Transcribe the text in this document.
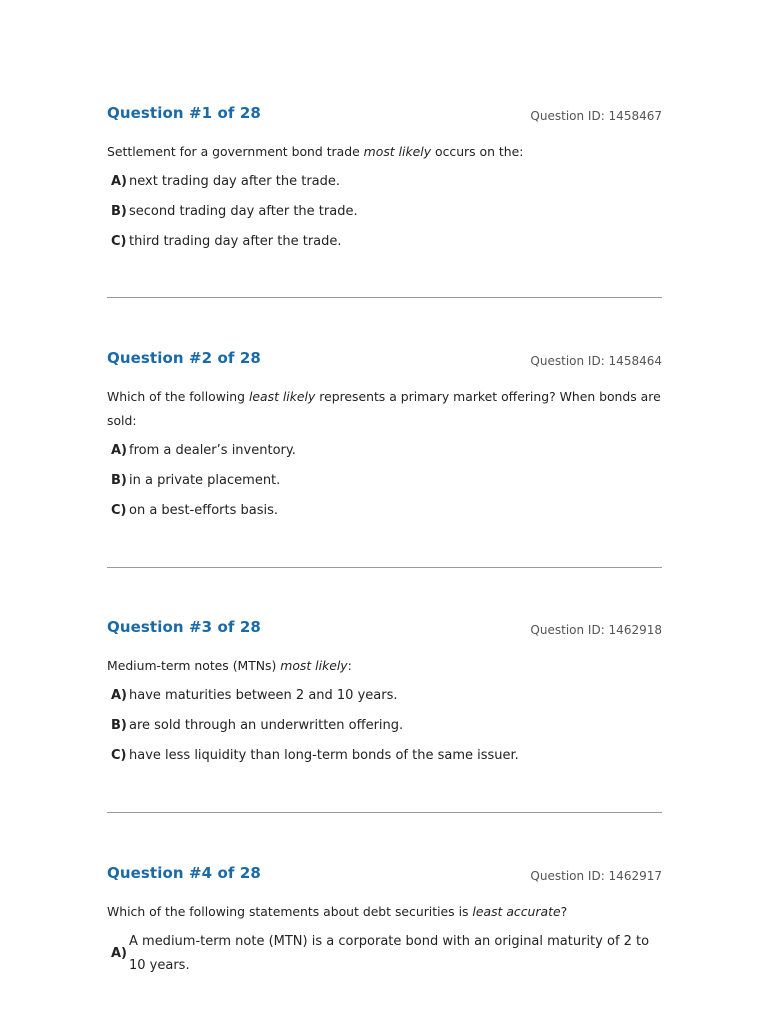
Question #1 of 28	Question ID: 1458467
Settlement for a government bond trade most likely occurs on the:
A) next trading day after the trade.
B) second trading day after the trade.
C) third trading day after the trade.
Question #2 of 28	Question ID: 1458464
Which of the following least likely represents a primary market offering? When bonds are sold:
A) from a dealer’s inventory.
B) in a private placement.
C) on a best-efforts basis.
Question #3 of 28	Question ID: 1462918
Medium-term notes (MTNs) most likely:
A) have maturities between 2 and 10 years.
B) are sold through an underwritten offering.
C) have less liquidity than long-term bonds of the same issuer.
Question #4 of 28	Question ID: 1462917
Which of the following statements about debt securities is least accurate?
A)
A medium-term note (MTN) is a corporate bond with an original maturity of 2 to 10 years.
